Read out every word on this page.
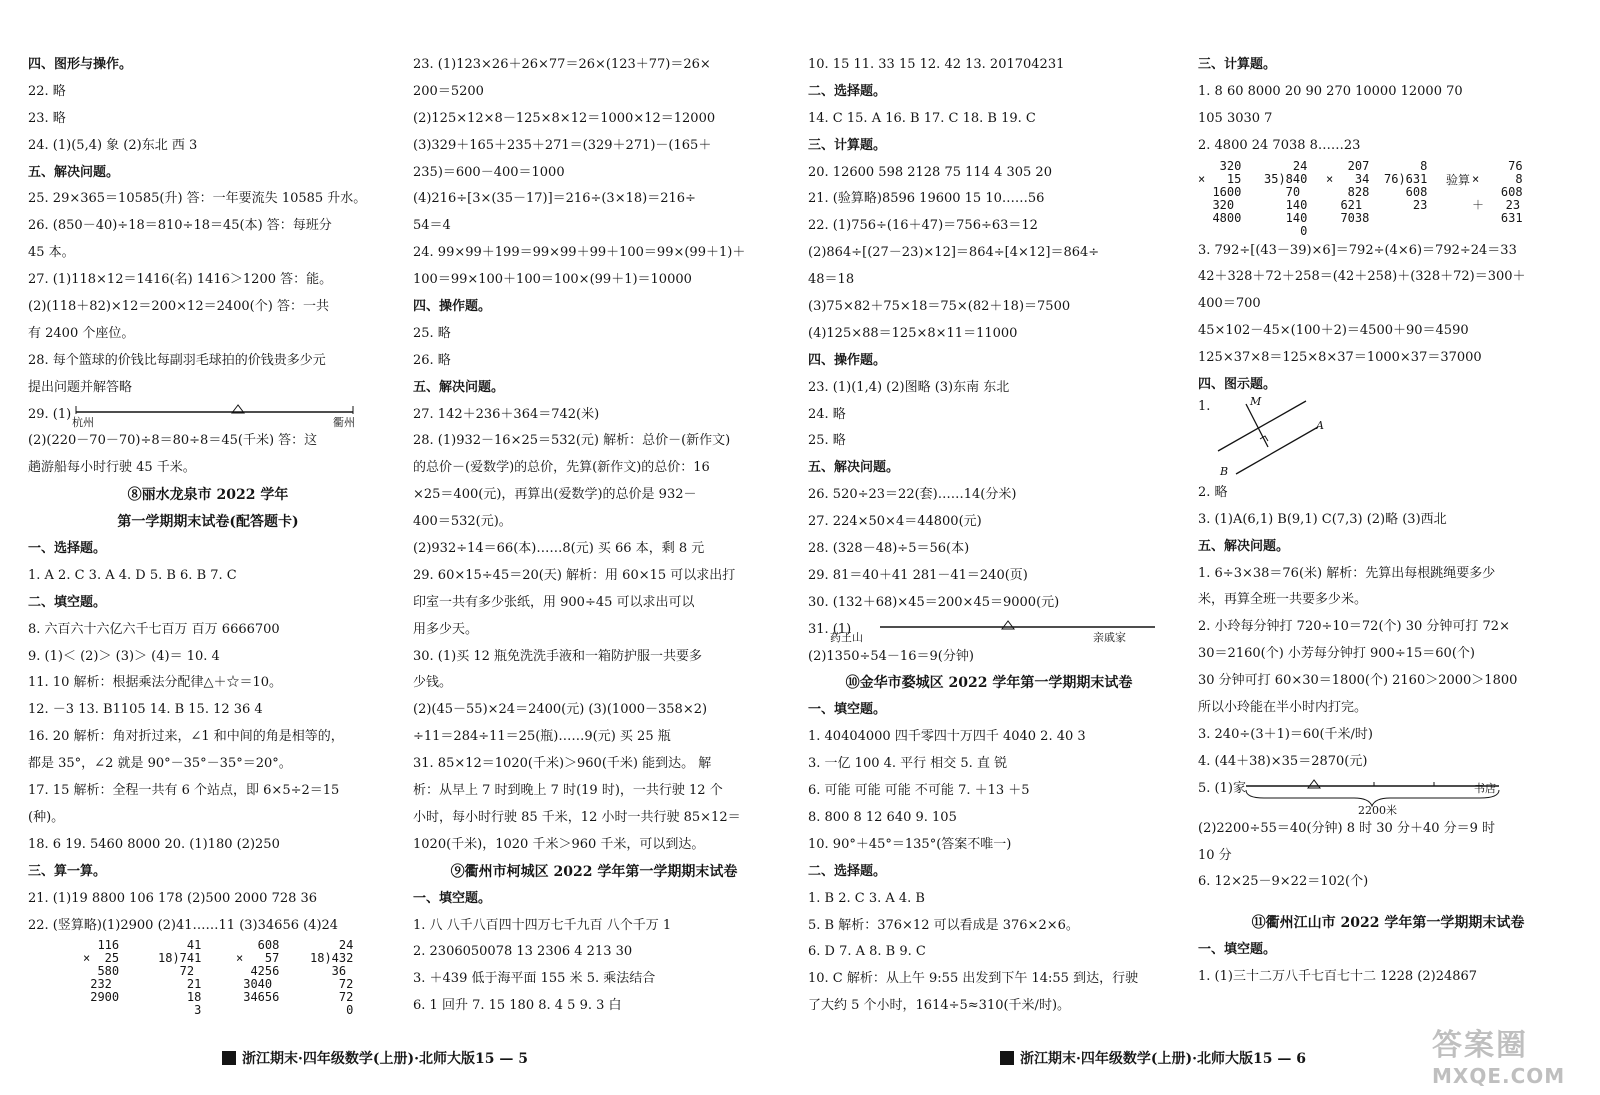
四、图形与操作。
22. 略
23. 略
24. (1)(5,4) 象 (2)东北 西 3
五、解决问题。
25. 29×365＝10585(升) 答：一年要流失 10585 升水。
26. (850－40)÷18＝810÷18＝45(本) 答：每班分
45 本。
27. (1)118×12＝1416(名) 1416＞1200 答：能。
(2)(118＋82)×12＝200×12＝2400(个) 答：一共
有 2400 个座位。
28. 每个篮球的价钱比每副羽毛球拍的价钱贵多少元
提出问题并解答略
29. (1)
杭州	衢州
(2)(220－70－70)÷8＝80÷8＝45(千米) 答：这
趟游船每小时行驶 45 千米。
⑧丽水龙泉市 2022 学年
第一学期期末试卷(配答题卡)
一、选择题。
1. A 2. C 3. A 4. D 5. B 6. B 7. C
二、填空题。
8. 六百六十六亿六千七百万 百万 6666700
9. (1)＜ (2)＞ (3)＞ (4)＝ 10. 4
11. 10 解析：根据乘法分配律△＋☆＝10。
12. －3 13. B1105 14. B 15. 12 36 4
16. 20 解析：角对折过来，∠1 和中间的角是相等的，
都是 35°，∠2 就是 90°－35°－35°＝20°。
17. 15 解析：全程一共有 6 个站点，即 6×5÷2＝15
(种)。
18. 6 19. 5460 8000 20. (1)180 (2)250
三、算一算。
21. (1)19 8800 106 178 (2)500 2000 728 36
22. (竖算略)(1)2900 (2)41……11 (3)34656 (4)24
116
×  25
580
232
2900
41
18)741
72
21
18
3
608
×   57
4256
3040
34656
24
18)432
36
72
72
0
23. (1)123×26＋26×77＝26×(123＋77)＝26×
200＝5200
(2)125×12×8－125×8×12＝1000×12＝12000
(3)329＋165＋235＋271＝(329＋271)－(165＋
235)＝600－400＝1000
(4)216÷[3×(35－17)]＝216÷(3×18)＝216÷
54＝4
24. 99×99＋199＝99×99＋99＋100＝99×(99＋1)＋
100＝99×100＋100＝100×(99＋1)＝10000
四、操作题。
25. 略
26. 略
五、解决问题。
27. 142＋236＋364＝742(米)
28. (1)932－16×25＝532(元) 解析：总价－(新作文)
的总价－(爱数学)的总价，先算(新作文)的总价：16
×25＝400(元)，再算出(爱数学)的总价是 932－
400＝532(元)。
(2)932÷14＝66(本)……8(元) 买 66 本，剩 8 元
29. 60×15÷45＝20(天) 解析：用 60×15 可以求出打
印室一共有多少张纸，用 900÷45 可以求出可以
用多少天。
30. (1)买 12 瓶免洗洗手液和一箱防护服一共要多
少钱。
(2)(45－55)×24＝2400(元) (3)(1000－358×2)
÷11＝284÷11＝25(瓶)……9(元) 买 25 瓶
31. 85×12＝1020(千米)＞960(千米) 能到达。 解
析：从早上 7 时到晚上 7 时(19 时)，一共行驶 12 个
小时，每小时行驶 85 千米，12 小时一共行驶 85×12＝
1020(千米)，1020 千米＞960 千米，可以到达。
⑨衢州市柯城区 2022 学年第一学期期末试卷
一、填空题。
1. 八 八千八百四十四万七千九百 八个千万 1
2. 2306050078 13 2306 4 213 30
3. ＋439 低于海平面 155 米 5. 乘法结合
6. 1 回升 7. 15 180 8. 4 5 9. 3 白
10. 15 11. 33 15 12. 42 13. 201704231
二、选择题。
14. C 15. A 16. B 17. C 18. B 19. C
三、计算题。
20. 12600 598 2128 75 114 4 305 20
21. (验算略)8596 19600 15 10……56
22. (1)756÷(16＋47)＝756÷63＝12
(2)864÷[(27－23)×12]＝864÷[4×12]＝864÷
48＝18
(3)75×82＋75×18＝75×(82＋18)＝7500
(4)125×88＝125×8×11＝11000
四、操作题。
23. (1)(1,4) (2)图略 (3)东南 东北
24. 略
25. 略
五、解决问题。
26. 520÷23＝22(套)……14(分米)
27. 224×50×4＝44800(元)
28. (328－48)÷5＝56(本)
29. 81＝40＋41 281－41＝240(页)
30. (132＋68)×45＝200×45＝9000(元)
31. (1)
药王山	亲戚家
(2)1350÷54－16＝9(分钟)
⑩金华市婺城区 2022 学年第一学期期末试卷
一、填空题。
1. 40404000 四千零四十万四千 4040 2. 40 3
3. 一亿 100 4. 平行 相交 5. 直 锐
6. 可能 可能 可能 不可能 7. ＋13 ＋5
8. 800 8 12 640 9. 105
10. 90°＋45°＝135°(答案不唯一)
二、选择题。
1. B 2. C 3. A 4. B
5. B 解析：376×12 可以看成是 376×2×6。
6. D 7. A 8. B 9. C
10. C 解析：从上午 9:55 出发到下午 14:55 到达，行驶
了大约 5 个小时，1614÷5≈310(千米/时)。
三、计算题。
1. 8 60 8000 20 90 270 10000 12000 70
105 3030 7
2. 4800 24 7038 8……23
320
×   15
1600
320
4800
24
35)840
70
140
140
0
207
×   34
828
621
7038
8
76)631
608
23
验算
76
×     8
608
＋   23
631
3. 792÷[(43－39)×6]＝792÷(4×6)＝792÷24＝33
42＋328＋72＋258＝(42＋258)＋(328＋72)＝300＋
400＝700
45×102－45×(100＋2)＝4500＋90＝4590
125×37×8＝125×8×37＝1000×37＝37000
四、图示题。
1.	M
A
B
2. 略
3. (1)A(6,1) B(9,1) C(7,3) (2)略 (3)西北
五、解决问题。
1. 6÷3×38＝76(米) 解析：先算出每根跳绳要多少
米，再算全班一共要多少米。
2. 小玲每分钟打 720÷10＝72(个) 30 分钟可打 72×
30＝2160(个) 小芳每分钟打 900÷15＝60(个)
30 分钟可打 60×30＝1800(个) 2160＞2000＞1800
所以小玲能在半小时内打完。
3. 240÷(3＋1)＝60(千米/时)
4. (44＋38)×35＝2870(元)
5. (1)家	书店
2200米
(2)2200÷55＝40(分钟) 8 时 30 分＋40 分＝9 时
10 分
6. 12×25－9×22＝102(个)
⑪衢州江山市 2022 学年第一学期期末试卷
一、填空题。
1. (1)三十二万八千七百七十二 1228 (2)24867
浙江期末·四年级数学(上册)·北师大版15 — 5	浙江期末·四年级数学(上册)·北师大版15 — 6	答案圈
MXQE.COM
